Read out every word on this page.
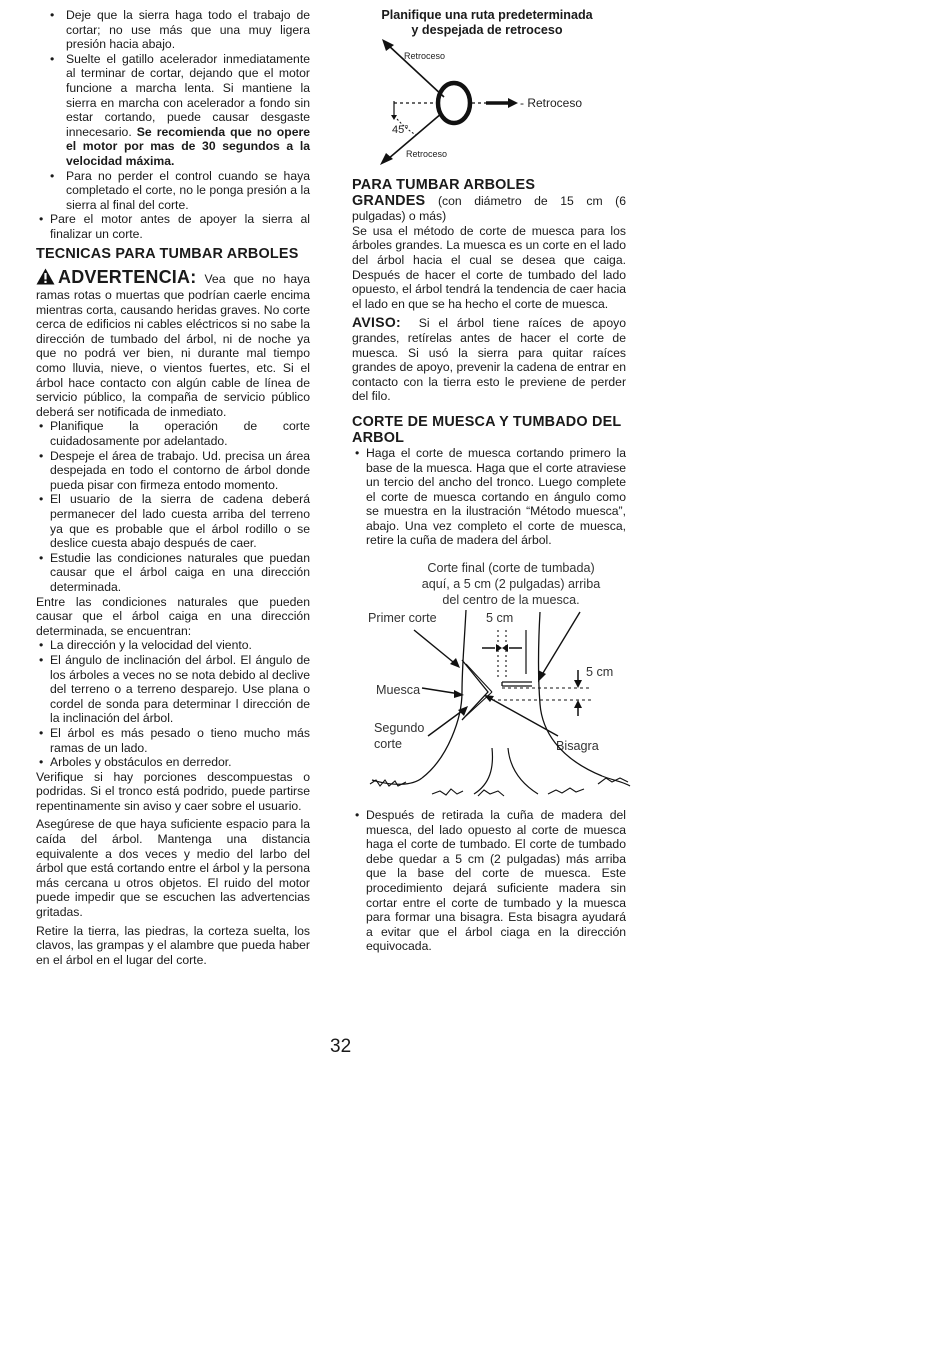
• Deje que la sierra haga todo el trabajo de cortar; no use más que una muy ligera presión hacia abajo.
• Suelte el gatillo acelerador inmediatamente al terminar de cortar, dejando que el motor funcione a marcha lenta. Si mantiene la sierra en marcha con acelerador a fondo sin estar cortando, puede causar desgaste innecesario. Se recomienda que no opere el motor por mas de 30 segundos a la velocidad máxima.
• Para no perder el control cuando se haya completado el corte, no le ponga presión a la sierra al final del corte.
• Pare el motor antes de apoyer la sierra al finalizar un corte.
TECNICAS PARA TUMBAR ARBOLES

ADVERTENCIA: Vea que no haya ramas rotas o muertas que podrían caerle encima mientras corta, causando heridas graves. No corte cerca de edificios ni cables eléctricos si no sabe la dirección de tumbado del árbol, ni de noche ya que no podrá ver bien, ni durante mal tiempo como lluvia, nieve, o vientos fuertes, etc. Si el árbol hace contacto con algún cable de línea de servicio público, la compaña de servicio público deberá ser notificada de inmediato.

• Planifique la operación de corte cuidadosamente por adelantado.
• Despeje el área de trabajo. Ud. precisa un área despejada en todo el contorno de árbol donde pueda pisar con firmeza entodo momento.
• El usuario de la sierra de cadena deberá permanecer del lado cuesta arriba del terreno ya que es probable que el árbol rodillo o se deslice cuesta abajo después de caer.
• Estudie las condiciones naturales que puedan causar que el árbol caiga en una dirección determinada.

Entre las condiciones naturales que pueden causar que el árbol caiga en una dirección determinada, se encuentran:

• La dirección y la velocidad del viento.
• El ángulo de inclinación del árbol. El ángulo de los árboles a veces no se nota debido al declive del terreno o a terreno desparejo. Use plana o cordel de sonda para determinar l dirección de la inclinación del árbol.
• El árbol es más pesado o tieno mucho más ramas de un lado.
• Arboles y obstáculos en derredor.

Verifique si hay porciones descompuestas o podridas. Si el tronco está podrido, puede partirse repentinamente sin aviso y caer sobre el usuario.

Asegúrese de que haya suficiente espacio para la caída del árbol. Mantenga una distancia equivalente a dos veces y medio del larbo del árbol que está cortando entre el árbol y la persona más cercana u otros objetos. El ruido del motor puede impedir que se escuchen las advertencias gritadas.

Retire la tierra, las piedras, la corteza suelta, los clavos, las grampas y el alambre que pueda haber en el árbol en el lugar del corte.

Planifique una ruta predeterminada
y despejada de retroceso
Retroceso
- Retroceso
45°
Retroceso
PARA TUMBAR ARBOLES

GRANDES (con diámetro de 15 cm (6 pulgadas) o más)

Se usa el método de corte de muesca para los árboles grandes. La muesca es un corte en el lado del árbol hacia el cual se desea que caiga. Después de hacer el corte de tumbado del lado opuesto, el árbol tendrá la tendencia de caer hacia el lado en que se ha hecho el corte de muesca.

AVISO: Si el árbol tiene raíces de apoyo grandes, retírelas antes de hacer el corte de muesca. Si usó la sierra para quitar raíces grandes de apoyo, prevenir la cadena de entrar en contacto con la tierra esto le previene de perder del filo.

CORTE DE MUESCA Y TUMBADO DEL ARBOL
• Haga el corte de muesca cortando primero la base de la muesca. Haga que el corte atraviese un tercio del ancho del tronco. Luego complete el corte de muesca cortando en ángulo como se muestra en la ilustración “Método muesca”, abajo. Una vez completo el corte de muesca, retire la cuña de madera del árbol.
Corte final (corte de tumbada)
aquí, a 5 cm (2 pulgadas) arriba
del centro de la muesca.
Primer corte	5 cm
5 cm
Muesca
Segundo
corte	Bisagra
• Después de retirada la cuña de madera del muesca, del lado opuesto al corte de muesca haga el corte de tumbado. El corte de tumbado debe quedar a 5 cm (2 pulgadas) más arriba que la base del corte de muesca. Este procedimiento dejará suficiente madera sin cortar entre el corte de tumbado y la muesca para formar una bisagra. Esta bisagra ayudará a evitar que el árbol ciaga en la dirección equivocada.
32
